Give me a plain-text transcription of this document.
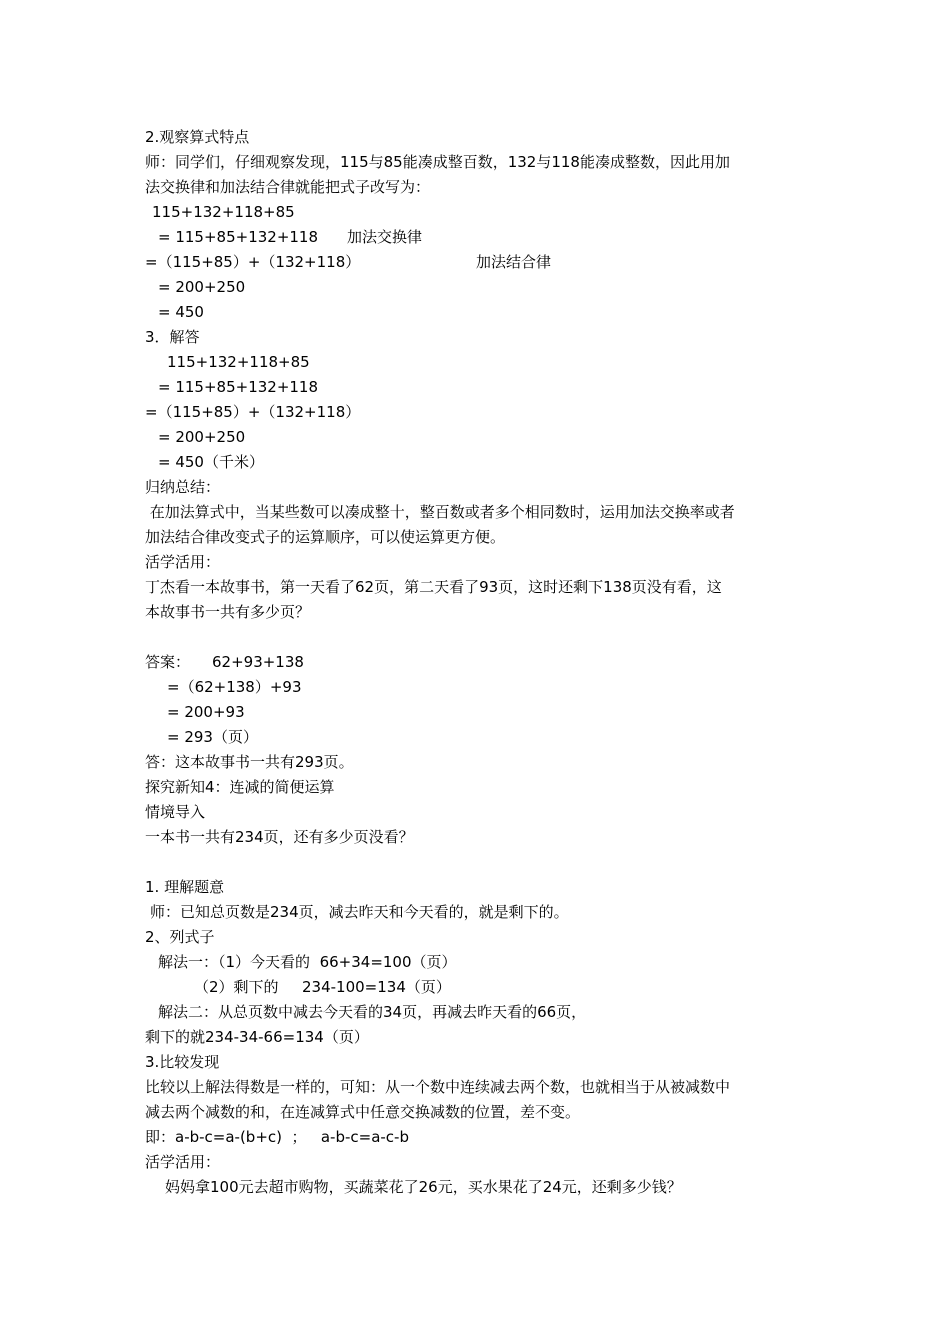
2.观察算式特点
师：同学们，仔细观察发现，115与85能凑成整百数，132与118能凑成整数，因此用加
法交换律和加法结合律就能把式子改写为：
115+132+118+85
= 115+85+132+118 加法交换律
=（115+85）+（132+118）	加法结合律
= 200+250
= 450
3．解答
115+132+118+85
= 115+85+132+118
=（115+85）+（132+118）
= 200+250
= 450（千米）
归纳总结：
在加法算式中，当某些数可以凑成整十，整百数或者多个相同数时，运用加法交换率或者
加法结合律改变式子的运算顺序，可以使运算更方便。
活学活用：
丁杰看一本故事书，第一天看了62页，第二天看了93页，这时还剩下138页没有看，这
本故事书一共有多少页？
答案： 62+93+138
=（62+138）+93
= 200+93
= 293（页）
答：这本故事书一共有293页。
探究新知4：连减的简便运算
情境导入
一本书一共有234页，还有多少页没看？
1. 理解题意
师：已知总页数是234页，减去昨天和今天看的，就是剩下的。
2、列式子
解法一：（1）今天看的  66+34=100（页）
（2）剩下的 234-100=134（页）
解法二：从总页数中减去今天看的34页，再减去昨天看的66页，
剩下的就234-34-66=134（页）
3.比较发现
比较以上解法得数是一样的，可知：从一个数中连续减去两个数，也就相当于从被减数中
减去两个减数的和，在连减算式中任意交换减数的位置，差不变。
即：a-b-c=a-(b+c)  ；   a-b-c=a-c-b
活学活用：
妈妈拿100元去超市购物，买蔬菜花了26元，买水果花了24元，还剩多少钱？
